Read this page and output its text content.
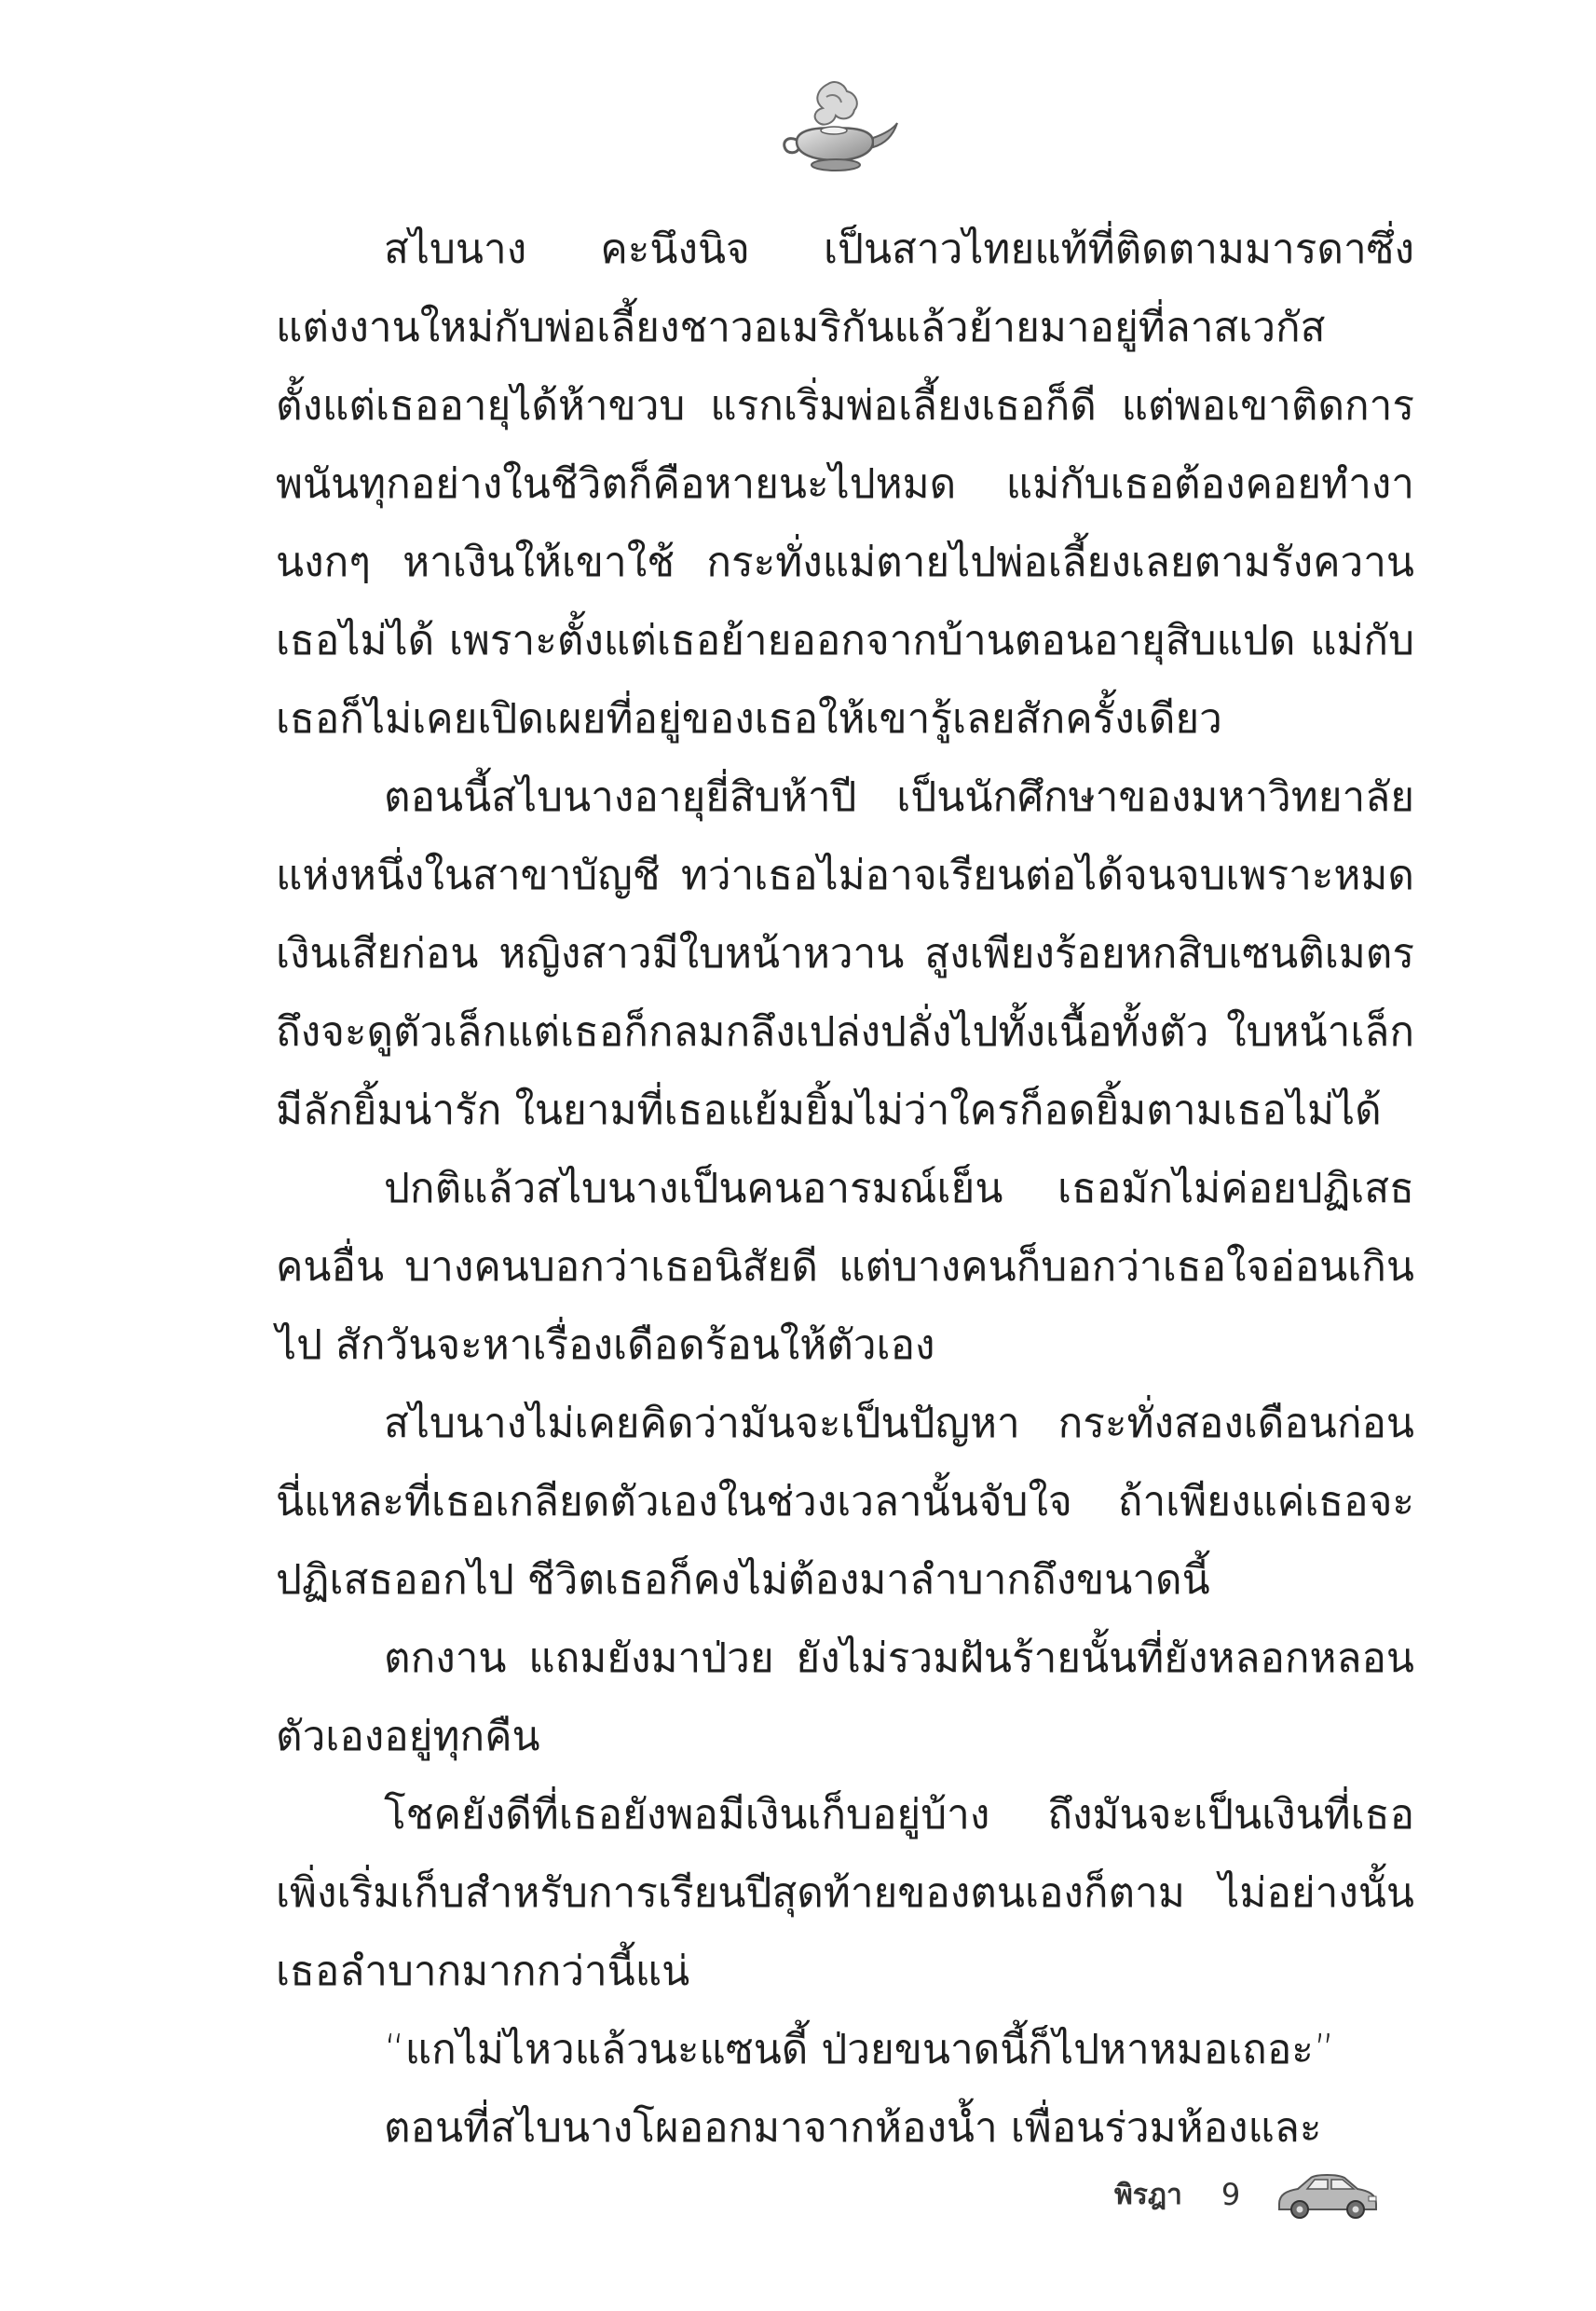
สไบนาง คะนึงนิจ เป็นสาวไทยแท้ที่ติดตามมารดาซึ่งแต่งงานใหม่กับพ่อเลี้ยงชาวอเมริกันแล้วย้ายมาอยู่ที่ลาสเวกัสตั้งแต่เธออายุได้ห้าขวบ แรกเริ่มพ่อเลี้ยงเธอก็ดี แต่พอเขาติดการพนันทุกอย่างในชีวิตก็คือหายนะไปหมด แม่กับเธอต้องคอยทำงานงกๆ หาเงินให้เขาใช้ กระทั่งแม่ตายไปพ่อเลี้ยงเลยตามรังควานเธอไม่ได้ เพราะตั้งแต่เธอย้ายออกจากบ้านตอนอายุสิบแปด แม่กับเธอก็ไม่เคยเปิดเผยที่อยู่ของเธอให้เขารู้เลยสักครั้งเดียว

ตอนนี้สไบนางอายุยี่สิบห้าปี เป็นนักศึกษาของมหาวิทยาลัยแห่งหนึ่งในสาขาบัญชี ทว่าเธอไม่อาจเรียนต่อได้จนจบเพราะหมดเงินเสียก่อน หญิงสาวมีใบหน้าหวาน สูงเพียงร้อยหกสิบเซนติเมตร ถึงจะดูตัวเล็กแต่เธอก็กลมกลึงเปล่งปลั่งไปทั้งเนื้อทั้งตัว ใบหน้าเล็กมีลักยิ้มน่ารัก ในยามที่เธอแย้มยิ้มไม่ว่าใครก็อดยิ้มตามเธอไม่ได้

ปกติแล้วสไบนางเป็นคนอารมณ์เย็น เธอมักไม่ค่อยปฏิเสธคนอื่น บางคนบอกว่าเธอนิสัยดี แต่บางคนก็บอกว่าเธอใจอ่อนเกินไป สักวันจะหาเรื่องเดือดร้อนให้ตัวเอง

สไบนางไม่เคยคิดว่ามันจะเป็นปัญหา กระทั่งสองเดือนก่อนนี่แหละที่เธอเกลียดตัวเองในช่วงเวลานั้นจับใจ ถ้าเพียงแค่เธอจะปฏิเสธออกไป ชีวิตเธอก็คงไม่ต้องมาลำบากถึงขนาดนี้

ตกงาน แถมยังมาป่วย ยังไม่รวมฝันร้ายนั้นที่ยังหลอกหลอนตัวเองอยู่ทุกคืน

โชคยังดีที่เธอยังพอมีเงินเก็บอยู่บ้าง ถึงมันจะเป็นเงินที่เธอเพิ่งเริ่มเก็บสำหรับการเรียนปีสุดท้ายของตนเองก็ตาม ไม่อย่างนั้นเธอลำบากมากกว่านี้แน่

“แกไม่ไหวแล้วนะแซนดี้ ป่วยขนาดนี้ก็ไปหาหมอเถอะ”

ตอนที่สไบนางโผออกมาจากห้องน้ำ เพื่อนร่วมห้องและ

พิรฎา 9
